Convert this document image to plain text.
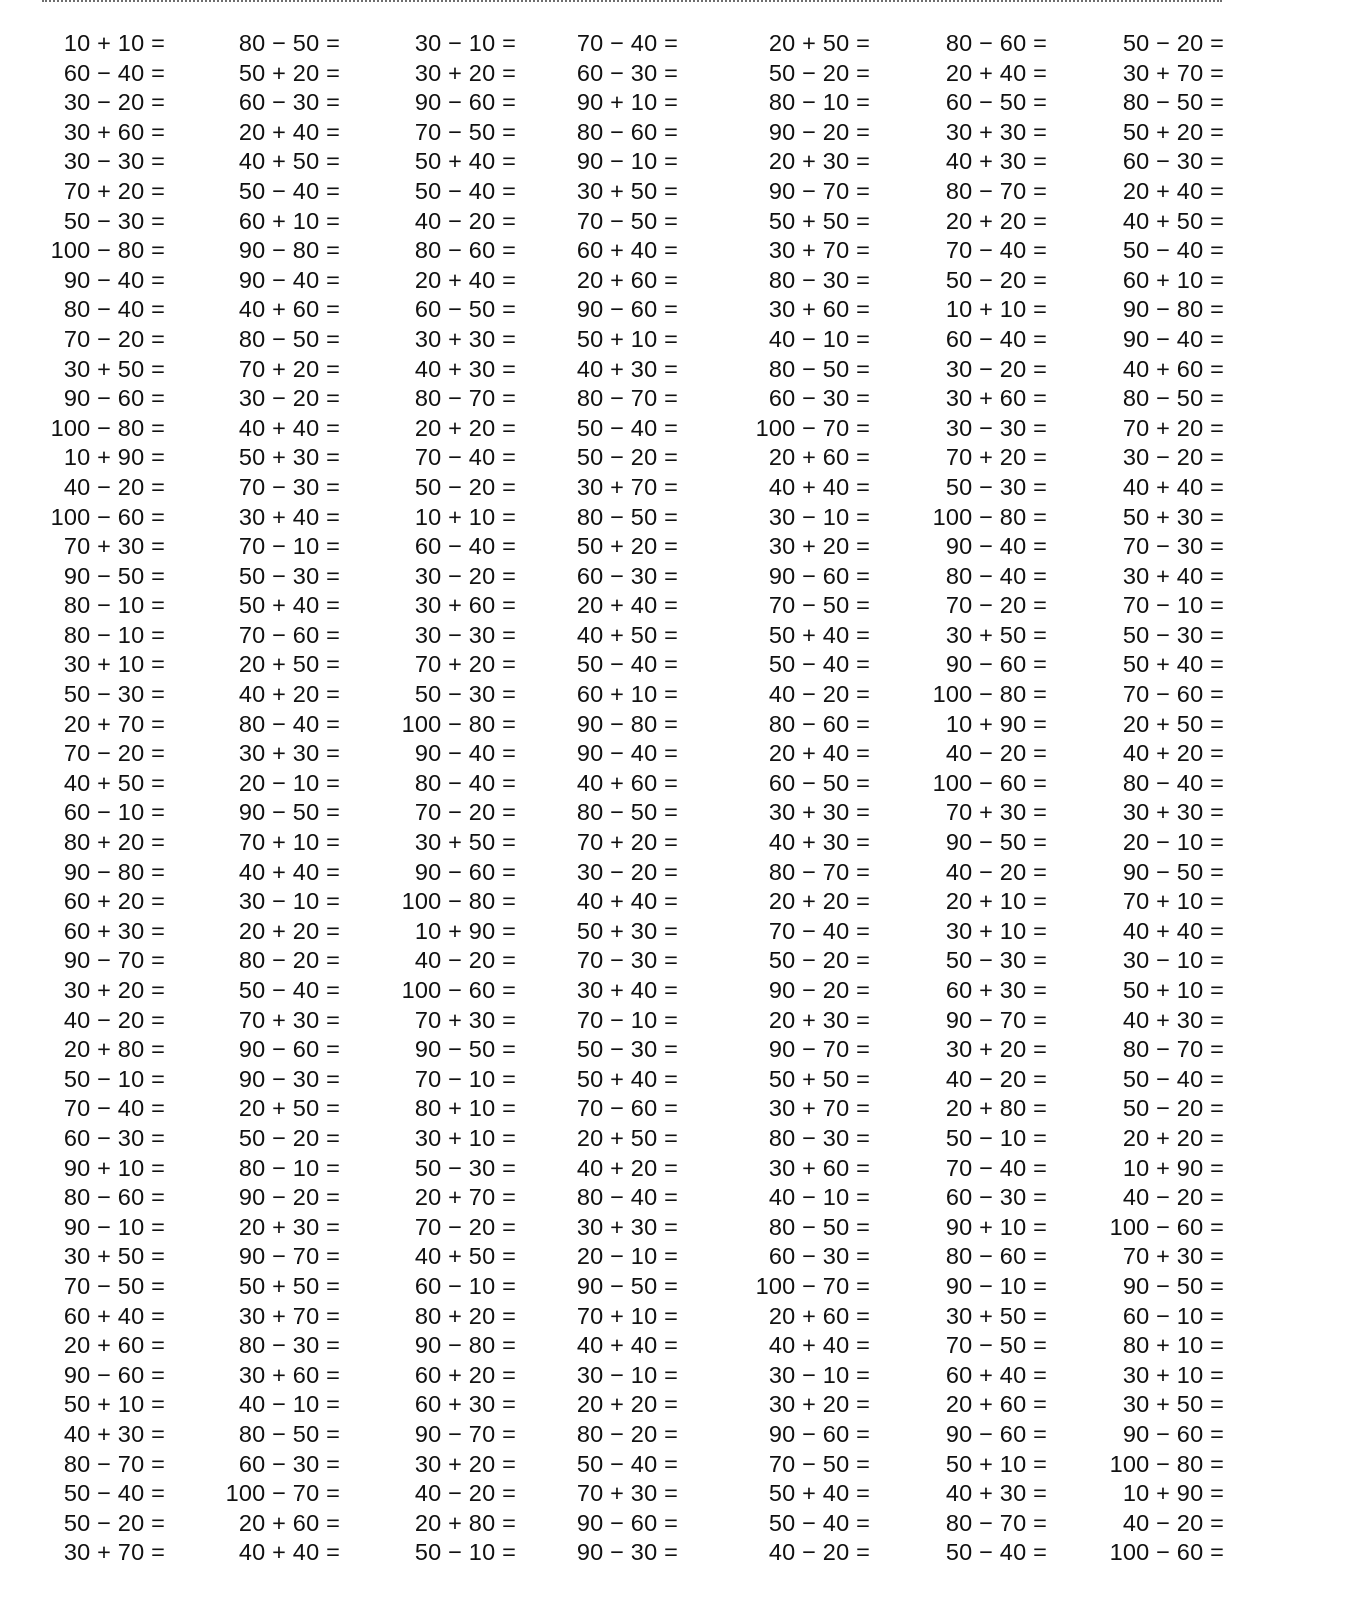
10 + 10 =
60 − 40 =
30 − 20 =
30 + 60 =
30 − 30 =
70 + 20 =
50 − 30 =
100 − 80 =
90 − 40 =
80 − 40 =
70 − 20 =
30 + 50 =
90 − 60 =
100 − 80 =
10 + 90 =
40 − 20 =
100 − 60 =
70 + 30 =
90 − 50 =
80 − 10 =
80 − 10 =
30 + 10 =
50 − 30 =
20 + 70 =
70 − 20 =
40 + 50 =
60 − 10 =
80 + 20 =
90 − 80 =
60 + 20 =
60 + 30 =
90 − 70 =
30 + 20 =
40 − 20 =
20 + 80 =
50 − 10 =
70 − 40 =
60 − 30 =
90 + 10 =
80 − 60 =
90 − 10 =
30 + 50 =
70 − 50 =
60 + 40 =
20 + 60 =
90 − 60 =
50 + 10 =
40 + 30 =
80 − 70 =
50 − 40 =
50 − 20 =
30 + 70 =
80 − 50 =
50 + 20 =
60 − 30 =
20 + 40 =
40 + 50 =
50 − 40 =
60 + 10 =
90 − 80 =
90 − 40 =
40 + 60 =
80 − 50 =
70 + 20 =
30 − 20 =
40 + 40 =
50 + 30 =
70 − 30 =
30 + 40 =
70 − 10 =
50 − 30 =
50 + 40 =
70 − 60 =
20 + 50 =
40 + 20 =
80 − 40 =
30 + 30 =
20 − 10 =
90 − 50 =
70 + 10 =
40 + 40 =
30 − 10 =
20 + 20 =
80 − 20 =
50 − 40 =
70 + 30 =
90 − 60 =
90 − 30 =
20 + 50 =
50 − 20 =
80 − 10 =
90 − 20 =
20 + 30 =
90 − 70 =
50 + 50 =
30 + 70 =
80 − 30 =
30 + 60 =
40 − 10 =
80 − 50 =
60 − 30 =
100 − 70 =
20 + 60 =
40 + 40 =
30 − 10 =
30 + 20 =
90 − 60 =
70 − 50 =
50 + 40 =
50 − 40 =
40 − 20 =
80 − 60 =
20 + 40 =
60 − 50 =
30 + 30 =
40 + 30 =
80 − 70 =
20 + 20 =
70 − 40 =
50 − 20 =
10 + 10 =
60 − 40 =
30 − 20 =
30 + 60 =
30 − 30 =
70 + 20 =
50 − 30 =
100 − 80 =
90 − 40 =
80 − 40 =
70 − 20 =
30 + 50 =
90 − 60 =
100 − 80 =
10 + 90 =
40 − 20 =
100 − 60 =
70 + 30 =
90 − 50 =
70 − 10 =
80 + 10 =
30 + 10 =
50 − 30 =
20 + 70 =
70 − 20 =
40 + 50 =
60 − 10 =
80 + 20 =
90 − 80 =
60 + 20 =
60 + 30 =
90 − 70 =
30 + 20 =
40 − 20 =
20 + 80 =
50 − 10 =
70 − 40 =
60 − 30 =
90 + 10 =
80 − 60 =
90 − 10 =
30 + 50 =
70 − 50 =
60 + 40 =
20 + 60 =
90 − 60 =
50 + 10 =
40 + 30 =
80 − 70 =
50 − 40 =
50 − 20 =
30 + 70 =
80 − 50 =
50 + 20 =
60 − 30 =
20 + 40 =
40 + 50 =
50 − 40 =
60 + 10 =
90 − 80 =
90 − 40 =
40 + 60 =
80 − 50 =
70 + 20 =
30 − 20 =
40 + 40 =
50 + 30 =
70 − 30 =
30 + 40 =
70 − 10 =
50 − 30 =
50 + 40 =
70 − 60 =
20 + 50 =
40 + 20 =
80 − 40 =
30 + 30 =
20 − 10 =
90 − 50 =
70 + 10 =
40 + 40 =
30 − 10 =
20 + 20 =
80 − 20 =
50 − 40 =
70 + 30 =
90 − 60 =
90 − 30 =
20 + 50 =
50 − 20 =
80 − 10 =
90 − 20 =
20 + 30 =
90 − 70 =
50 + 50 =
30 + 70 =
80 − 30 =
30 + 60 =
40 − 10 =
80 − 50 =
60 − 30 =
100 − 70 =
20 + 60 =
40 + 40 =
30 − 10 =
30 + 20 =
90 − 60 =
70 − 50 =
50 + 40 =
50 − 40 =
40 − 20 =
80 − 60 =
20 + 40 =
60 − 50 =
30 + 30 =
40 + 30 =
80 − 70 =
20 + 20 =
70 − 40 =
50 − 20 =
90 − 20 =
20 + 30 =
90 − 70 =
50 + 50 =
30 + 70 =
80 − 30 =
30 + 60 =
40 − 10 =
80 − 50 =
60 − 30 =
100 − 70 =
20 + 60 =
40 + 40 =
30 − 10 =
30 + 20 =
90 − 60 =
70 − 50 =
50 + 40 =
50 − 40 =
40 − 20 =
80 − 60 =
20 + 40 =
60 − 50 =
30 + 30 =
40 + 30 =
80 − 70 =
20 + 20 =
70 − 40 =
50 − 20 =
10 + 10 =
60 − 40 =
30 − 20 =
30 + 60 =
30 − 30 =
70 + 20 =
50 − 30 =
100 − 80 =
90 − 40 =
80 − 40 =
70 − 20 =
30 + 50 =
90 − 60 =
100 − 80 =
10 + 90 =
40 − 20 =
100 − 60 =
70 + 30 =
90 − 50 =
40 − 20 =
20 + 10 =
30 + 10 =
50 − 30 =
60 + 30 =
90 − 70 =
30 + 20 =
40 − 20 =
20 + 80 =
50 − 10 =
70 − 40 =
60 − 30 =
90 + 10 =
80 − 60 =
90 − 10 =
30 + 50 =
70 − 50 =
60 + 40 =
20 + 60 =
90 − 60 =
50 + 10 =
40 + 30 =
80 − 70 =
50 − 40 =
50 − 20 =
30 + 70 =
80 − 50 =
50 + 20 =
60 − 30 =
20 + 40 =
40 + 50 =
50 − 40 =
60 + 10 =
90 − 80 =
90 − 40 =
40 + 60 =
80 − 50 =
70 + 20 =
30 − 20 =
40 + 40 =
50 + 30 =
70 − 30 =
30 + 40 =
70 − 10 =
50 − 30 =
50 + 40 =
70 − 60 =
20 + 50 =
40 + 20 =
80 − 40 =
30 + 30 =
20 − 10 =
90 − 50 =
70 + 10 =
40 + 40 =
30 − 10 =
50 + 10 =
40 + 30 =
80 − 70 =
50 − 40 =
50 − 20 =
20 + 20 =
10 + 90 =
40 − 20 =
100 − 60 =
70 + 30 =
90 − 50 =
60 − 10 =
80 + 10 =
30 + 10 =
30 + 50 =
90 − 60 =
100 − 80 =
10 + 90 =
40 − 20 =
100 − 60 =
